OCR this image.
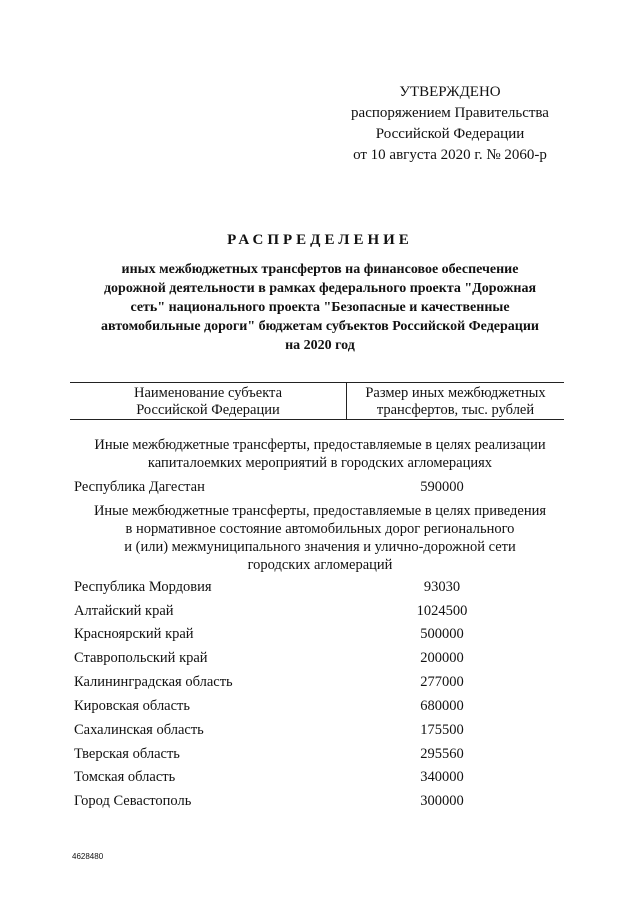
УТВЕРЖДЕНО
распоряжением Правительства
Российской Федерации
от 10 августа 2020 г. № 2060-р
РАСПРЕДЕЛЕНИЕ
иных межбюджетных трансфертов на финансовое обеспечение
дорожной деятельности в рамках федерального проекта "Дорожная
сеть" национального проекта "Безопасные и качественные
автомобильные дороги" бюджетам субъектов Российской Федерации
на 2020 год
Наименование субъекта
Российской Федерации
Размер иных межбюджетных
трансфертов, тыс. рублей
Иные межбюджетные трансферты, предоставляемые в целях реализации
капиталоемких мероприятий в городских агломерациях
Республика Дагестан	590000
Иные межбюджетные трансферты, предоставляемые в целях приведения
в нормативное состояние автомобильных дорог регионального
и (или) межмуниципального значения и улично-дорожной сети
городских агломераций
Республика Мордовия	93030
Алтайский край	1024500
Красноярский край	500000
Ставропольский край	200000
Калининградская область	277000
Кировская область	680000
Сахалинская область	175500
Тверская область	295560
Томская область	340000
Город Севастополь	300000
4628480
